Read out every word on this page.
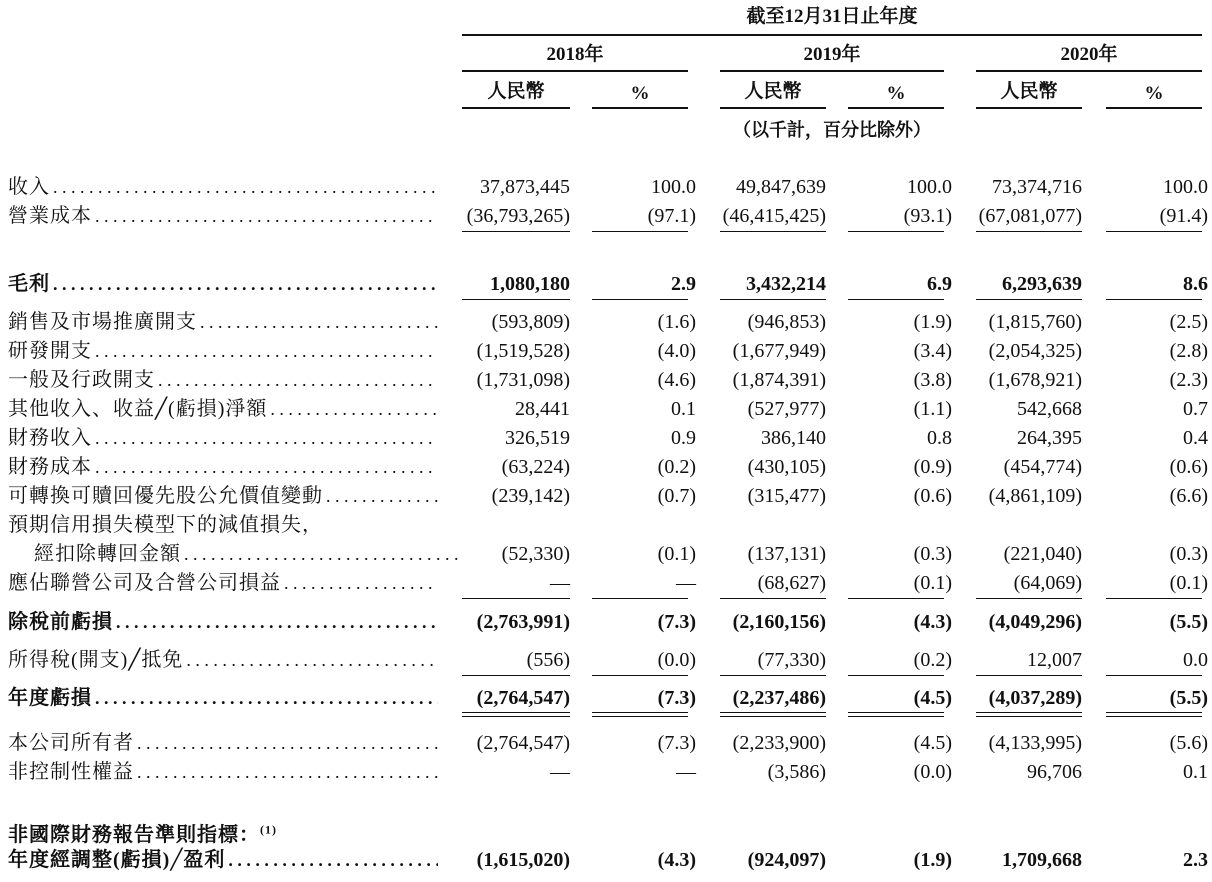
截至12月31日止年度
2018年	2019年	2020年
人民幣	%	人民幣	%	人民幣	%
（以千計，百分比除外）
收入 . . .	37,873,445	100.0 49,847,639	100.0 73,374,716	100.0
營業成本 . . .	(36,793,265)	(97.1) (46,415,425)	(93.1) (67,081,077)	(91.4)
毛利 . . .	1,080,180	2.9	3,432,214	6.9	6,293,639	8.6
銷售及市場推廣開支 . . .	(593,809)	(1.6)	(946,853)	(1.9) (1,815,760)	(2.5)
研發開支 . . .	(1,519,528)	(4.0) (1,677,949)	(3.4) (2,054,325)	(2.8)
一般及行政開支 . . .	(1,731,098)	(4.6) (1,874,391)	(3.8) (1,678,921)	(2.3)
其他收入、收益╱(虧損)淨額 . . .	28,441	0.1	(527,977)	(1.1)	542,668	0.7
財務收入 . . .	326,519	0.9	386,140	0.8	264,395	0.4
財務成本 . . .	(63,224)	(0.2)	(430,105)	(0.9)	(454,774)	(0.6)
可轉換可贖回優先股公允價值變動 . . .	(239,142)	(0.7)	(315,477)	(0.6) (4,861,109)	(6.6)
預期信用損失模型下的減值損失，
經扣除轉回金額 . . .	(52,330)	(0.1)	(137,131)	(0.3)	(221,040)	(0.3)
應佔聯營公司及合營公司損益 . . .	—	—	(68,627)	(0.1)	(64,069)	(0.1)
除稅前虧損 . . .	(2,763,991)	(7.3) (2,160,156)	(4.3) (4,049,296)	(5.5)
所得稅(開支)╱抵免 . . .	(556)	(0.0)	(77,330)	(0.2)	12,007	0.0
年度虧損 . . .	(2,764,547)	(7.3) (2,237,486)	(4.5) (4,037,289)	(5.5)
本公司所有者 . . .	(2,764,547)	(7.3) (2,233,900)	(4.5) (4,133,995)	(5.6)
非控制性權益 . . .	—	—	(3,586)	(0.0)	96,706	0.1
非國際財務報告準則指標：$^{(1)}$
年度經調整(虧損)╱盈利 . . .	(1,615,020)	(4.3)	(924,097)	(1.9)	1,709,668	2.3
